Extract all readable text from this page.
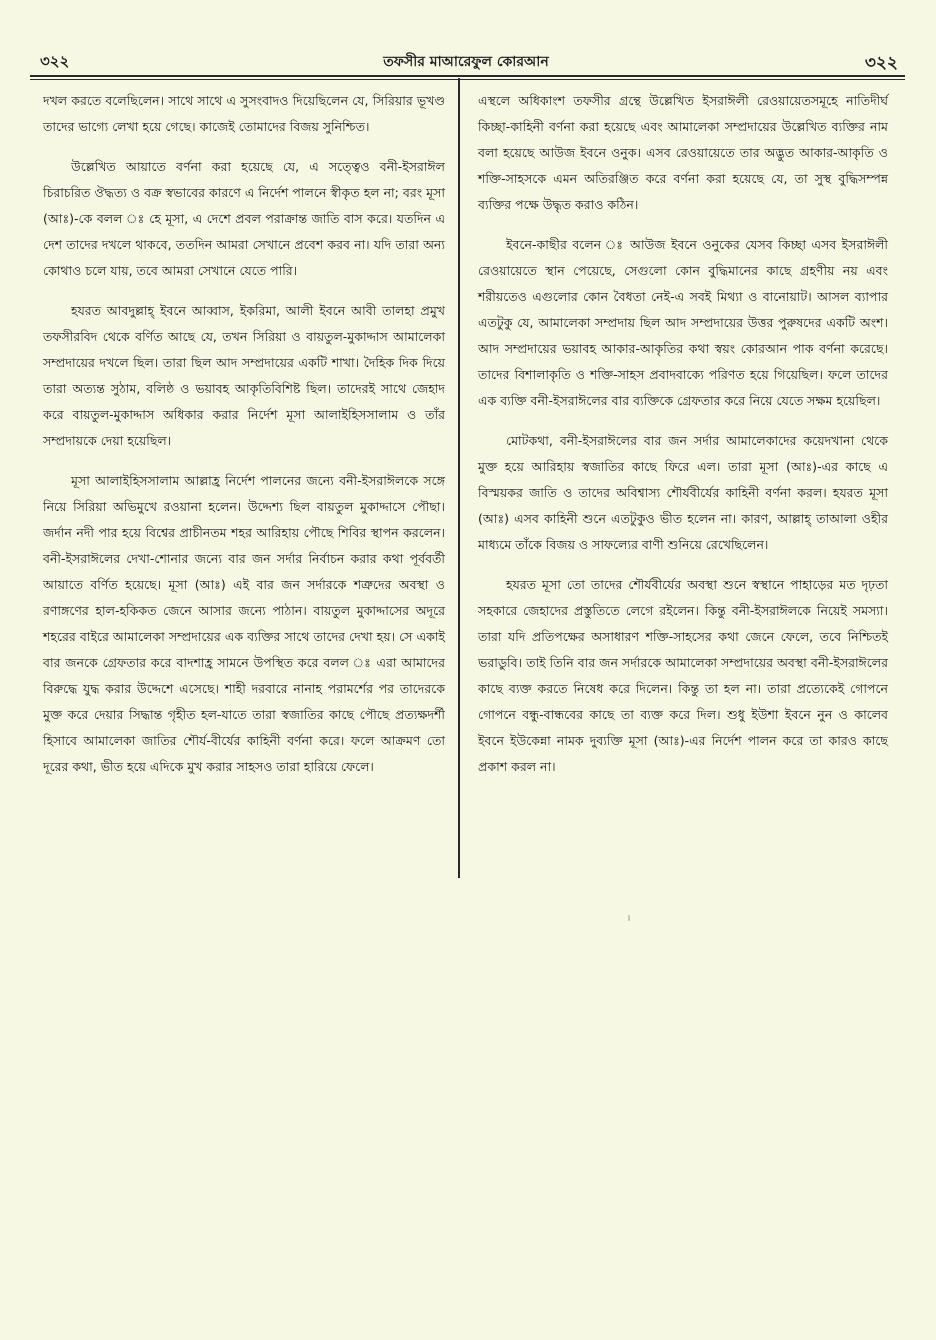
৩২২	তফসীর মাআরেফুল কোরআন	৩২২

দখল করতে বলেছিলেন। সাথে সাথে এ সুসংবাদও দিয়েছিলেন যে, সিরিয়ার ভূখণ্ড তাদের ভাগ্যে লেখা হয়ে গেছে। কাজেই তোমাদের বিজয় সুনিশ্চিত।

উল্লেখিত আয়াতে বর্ণনা করা হয়েছে যে, এ সত্ত্বেও বনী-ইসরাঈল চিরাচরিত ঔদ্ধত্য ও বক্র স্বভাবের কারণে এ নির্দেশ পালনে স্বীকৃত হল না; বরং মূসা (আঃ)-কে বলল ঃ হে মূসা, এ দেশে প্রবল পরাক্রান্ত জাতি বাস করে। যতদিন এ দেশ তাদের দখলে থাকবে, ততদিন আমরা সেখানে প্রবেশ করব না। যদি তারা অন্য কোথাও চলে যায়, তবে আমরা সেখানে যেতে পারি।

হযরত আবদুল্লাহ্ ইবনে আব্বাস, ইকরিমা, আলী ইবনে আবী তালহা প্রমুখ তফসীরবিদ থেকে বর্ণিত আছে যে, তখন সিরিয়া ও বায়তুল-মুকাদ্দাস আমালেকা সম্প্রদায়ের দখলে ছিল। তারা ছিল আদ সম্প্রদায়ের একটি শাখা। দৈহিক দিক দিয়ে তারা অত্যন্ত সুঠাম, বলিষ্ঠ ও ভয়াবহ আকৃতিবিশিষ্ট ছিল। তাদেরই সাথে জেহাদ করে বায়তুল-মুকাদ্দাস অধিকার করার নির্দেশ মূসা আলাইহিসসালাম ও তাঁর সম্প্রদায়কে দেয়া হয়েছিল।

মূসা আলাইহিসসালাম আল্লাহ্র নির্দেশ পালনের জন্যে বনী-ইসরাঈলকে সঙ্গে নিয়ে সিরিয়া অভিমুখে রওয়ানা হলেন। উদ্দেশ্য ছিল বায়তুল মুকাদ্দাসে পৌছা। জর্দান নদী পার হয়ে বিশ্বের প্রাচীনতম শহর আরিহায় পৌছে শিবির স্থাপন করলেন। বনী-ইসরাঈলের দেখা-শোনার জন্যে বার জন সর্দার নির্বাচন করার কথা পূর্ববর্তী আয়াতে বর্ণিত হয়েছে। মূসা (আঃ) এই বার জন সর্দারকে শত্রুদের অবস্থা ও রণাঙ্গণের হাল-হকিকত জেনে আসার জন্যে পাঠান। বায়তুল মুকাদ্দাসের অদূরে শহরের বাইরে আমালেকা সম্প্রদায়ের এক ব্যক্তির সাথে তাদের দেখা হয়। সে একাই বার জনকে গ্রেফতার করে বাদশাহ্র সামনে উপস্থিত করে বলল ঃ এরা আমাদের বিরুদ্ধে যুদ্ধ করার উদ্দেশে এসেছে। শাহী দরবারে নানাহ পরামর্শের পর তাদেরকে মুক্ত করে দেয়ার সিদ্ধান্ত গৃহীত হল-যাতে তারা স্বজাতির কাছে পৌছে প্রত্যক্ষদর্শী হিসাবে আমালেকা জাতির শৌর্য-বীর্যের কাহিনী বর্ণনা করে। ফলে আক্রমণ তো দূরের কথা, ভীত হয়ে এদিকে মুখ করার সাহসও তারা হারিয়ে ফেলে।

এস্থলে অধিকাংশ তফসীর গ্রন্থে উল্লেখিত ইসরাঈলী রেওয়ায়েতসমূহে নাতিদীর্ঘ কিচ্ছা-কাহিনী বর্ণনা করা হয়েছে এবং আমালেকা সম্প্রদায়ের উল্লেখিত ব্যক্তির নাম বলা হয়েছে আউজ ইবনে ওনুক। এসব রেওয়ায়েতে তার অদ্ভুত আকার-আকৃতি ও শক্তি-সাহসকে এমন অতিরঞ্জিত করে বর্ণনা করা হয়েছে যে, তা সুস্থ বুদ্ধিসম্পন্ন ব্যক্তির পক্ষে উদ্ধৃত করাও কঠিন।

ইবনে-কাছীর বলেন ঃ আউজ ইবনে ওনুকের যেসব কিচ্ছা এসব ইসরাঈলী রেওয়ায়েতে স্থান পেয়েছে, সেগুলো কোন বুদ্ধিমানের কাছে গ্রহণীয় নয় এবং শরীয়তেও এগুলোর কোন বৈধতা নেই-এ সবই মিথ্যা ও বানোয়াট। আসল ব্যাপার এতটুকু যে, আমালেকা সম্প্রদায় ছিল আদ সম্প্রদায়ের উত্তর পুরুষদের একটি অংশ। আদ সম্প্রদায়ের ভয়াবহ আকার-আকৃতির কথা স্বয়ং কোরআন পাক বর্ণনা করেছে। তাদের বিশালাকৃতি ও শক্তি-সাহস প্রবাদবাক্যে পরিণত হয়ে গিয়েছিল। ফলে তাদের এক ব্যক্তি বনী-ইসরাঈলের বার ব্যক্তিকে গ্রেফতার করে নিয়ে যেতে সক্ষম হয়েছিল।

মোটকথা, বনী-ইসরাঈলের বার জন সর্দার আমালেকাদের কয়েদখানা থেকে মুক্ত হয়ে আরিহায় স্বজাতির কাছে ফিরে এল। তারা মূসা (আঃ)-এর কাছে এ বিস্ময়কর জাতি ও তাদের অবিশ্বাস্য শৌর্যবীর্যের কাহিনী বর্ণনা করল। হযরত মূসা (আঃ) এসব কাহিনী শুনে এতটুকুও ভীত হলেন না। কারণ, আল্লাহ্ তাআলা ওহীর মাধ্যমে তাঁকে বিজয় ও সাফল্যের বাণী শুনিয়ে রেখেছিলেন।

হযরত মূসা তো তাদের শৌর্যবীর্যের অবস্থা শুনে স্বস্থানে পাহাড়ের মত দৃঢ়তা সহকারে জেহাদের প্রস্তুতিতে লেগে রইলেন। কিন্তু বনী-ইসরাঈলকে নিয়েই সমস্যা। তারা যদি প্রতিপক্ষের অসাধারণ শক্তি-সাহসের কথা জেনে ফেলে, তবে নিশ্চিতই ভরাডুবি। তাই তিনি বার জন সর্দারকে আমালেকা সম্প্রদায়ের অবস্থা বনী-ইসরাঈলের কাছে ব্যক্ত করতে নিষেধ করে দিলেন। কিন্তু তা হল না। তারা প্রত্যেকেই গোপনে গোপনে বন্ধু-বান্ধবের কাছে তা ব্যক্ত করে দিল। শুধু ইউশা ইবনে নুন ও কালেব ইবনে ইউকেন্না নামক দুব্যক্তি মূসা (আঃ)-এর নির্দেশ পালন করে তা কারও কাছে প্রকাশ করল না।
